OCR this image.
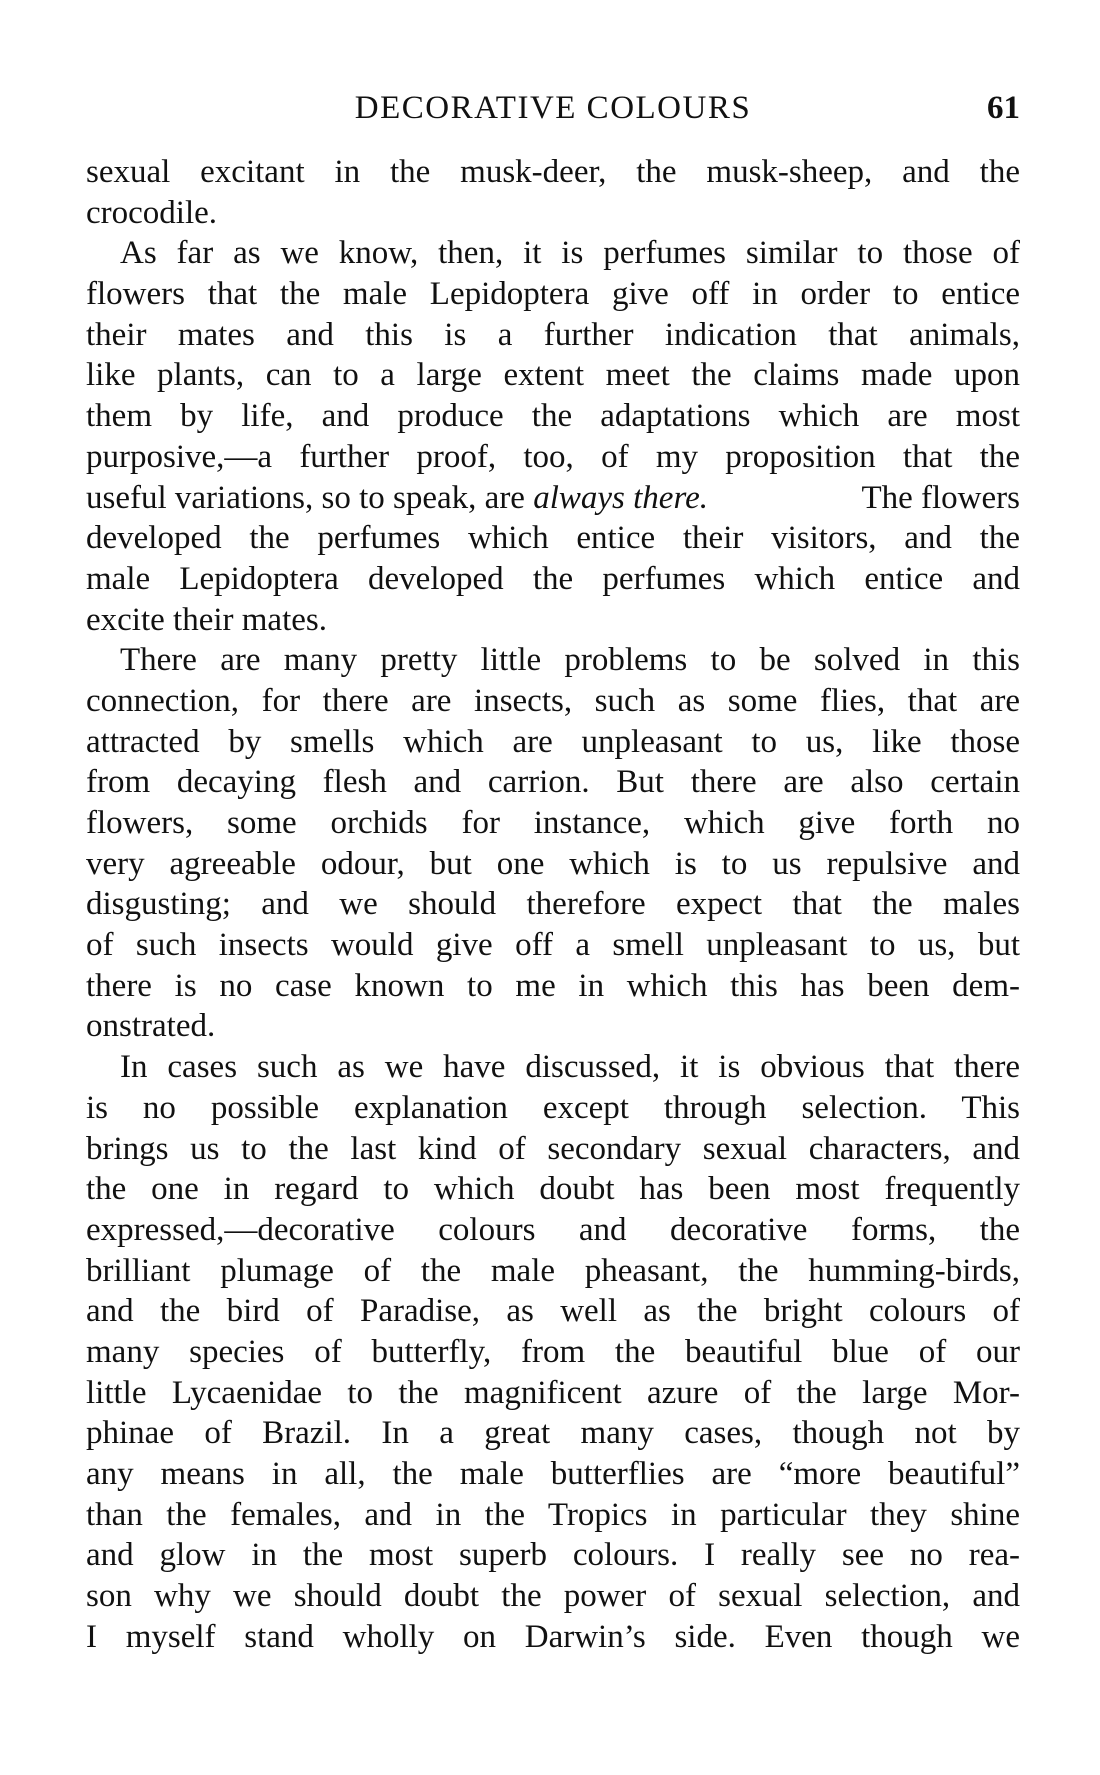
DECORATIVE COLOURS	61
sexual excitant in the musk-deer, the musk-sheep, and the
crocodile.
As far as we know, then, it is perfumes similar to those of
flowers that the male Lepidoptera give off in order to entice
their mates and this is a further indication that animals,
like plants, can to a large extent meet the claims made upon
them by life, and produce the adaptations which are most
purposive,—a further proof, too, of my proposition that the
useful variations, so to speak, are always there.	The flowers
developed the perfumes which entice their visitors, and the
male Lepidoptera developed the perfumes which entice and
excite their mates.
There are many pretty little problems to be solved in this
connection, for there are insects, such as some flies, that are
attracted by smells which are unpleasant to us, like those
from decaying flesh and carrion. But there are also certain
flowers, some orchids for instance, which give forth no
very agreeable odour, but one which is to us repulsive and
disgusting; and we should therefore expect that the males
of such insects would give off a smell unpleasant to us, but
there is no case known to me in which this has been dem-
onstrated.
In cases such as we have discussed, it is obvious that there
is no possible explanation except through selection. This
brings us to the last kind of secondary sexual characters, and
the one in regard to which doubt has been most frequently
expressed,—decorative colours and decorative forms, the
brilliant plumage of the male pheasant, the humming-birds,
and the bird of Paradise, as well as the bright colours of
many species of butterfly, from the beautiful blue of our
little Lycaenidae to the magnificent azure of the large Mor-
phinae of Brazil. In a great many cases, though not by
any means in all, the male butterflies are “more beautiful”
than the females, and in the Tropics in particular they shine
and glow in the most superb colours. I really see no rea-
son why we should doubt the power of sexual selection, and
I myself stand wholly on Darwin’s side. Even though we
